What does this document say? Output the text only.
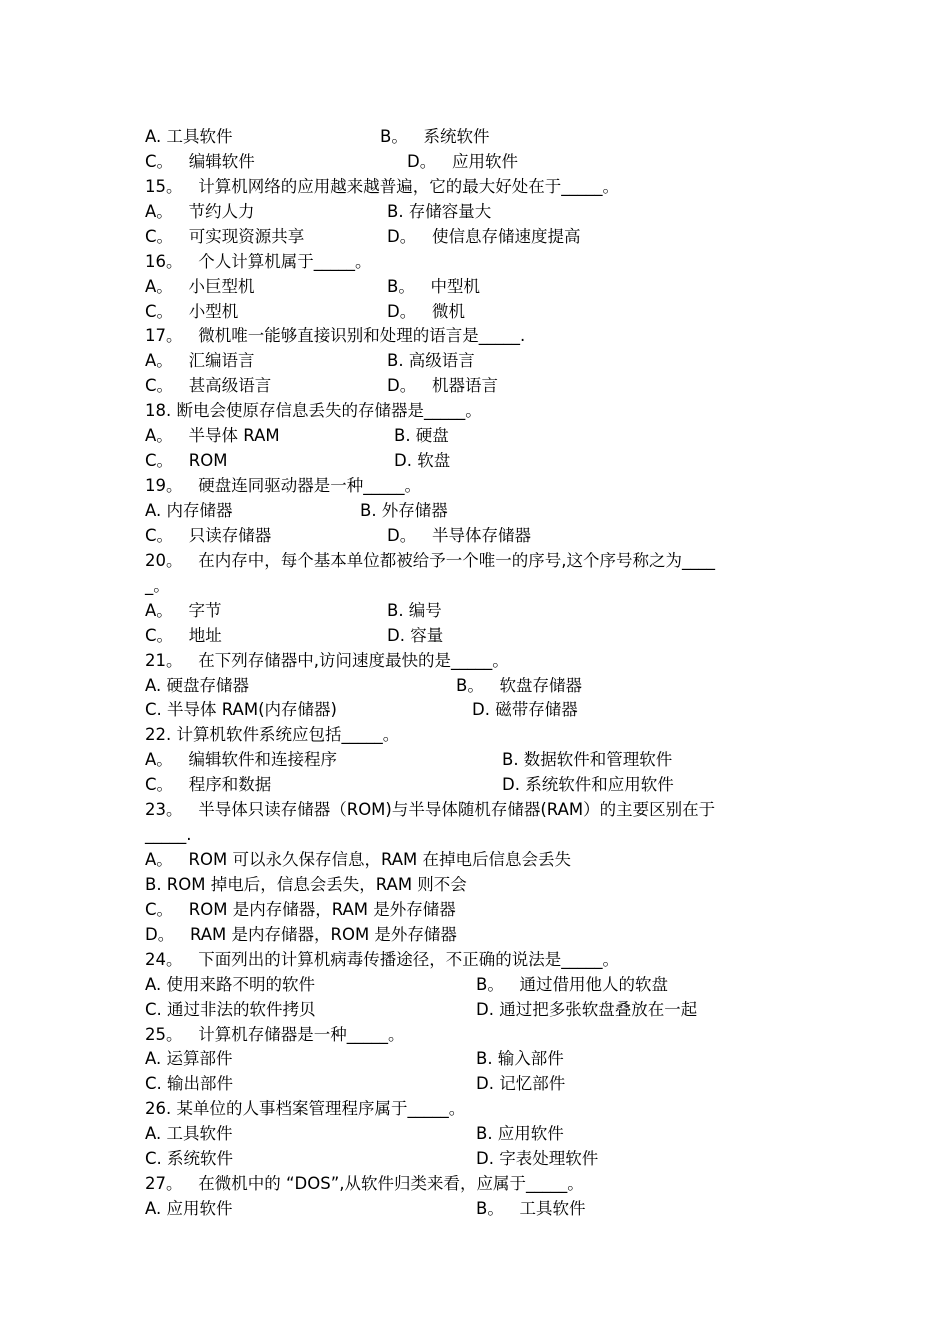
A. 工具软件	B。   系统软件
C。   编辑软件	D。   应用软件
15。   计算机网络的应用越来越普遍，它的最大好处在于_____。
A。   节约人力	B. 存储容量大
C。   可实现资源共享	D。   使信息存储速度提高
16。   个人计算机属于_____。
A。   小巨型机	B。   中型机
C。   小型机	D。   微机
17。   微机唯一能够直接识别和处理的语言是_____.
A。   汇编语言	B. 高级语言
C。   甚高级语言	D。   机器语言
18. 断电会使原存信息丢失的存储器是_____。
A。   半导体 RAM	B. 硬盘
C。   ROM	D. 软盘
19。   硬盘连同驱动器是一种_____。
A. 内存储器	B. 外存储器
C。   只读存储器	D。   半导体存储器
20。   在内存中，每个基本单位都被给予一个唯一的序号,这个序号称之为____
_。
A。   字节	B. 编号
C。   地址	D. 容量
21。   在下列存储器中,访问速度最快的是_____。
A. 硬盘存储器	B。   软盘存储器
C. 半导体 RAM(内存储器)	D. 磁带存储器
22. 计算机软件系统应包括_____。
A。   编辑软件和连接程序	B. 数据软件和管理软件
C。   程序和数据	D. 系统软件和应用软件
23。   半导体只读存储器（ROM)与半导体随机存储器(RAM）的主要区别在于
_____.
A。   ROM 可以永久保存信息，RAM 在掉电后信息会丢失
B. ROM 掉电后，信息会丢失，RAM 则不会
C。   ROM 是内存储器，RAM 是外存储器
D。   RAM 是内存储器，ROM 是外存储器
24。   下面列出的计算机病毒传播途径，不正确的说法是_____。
A. 使用来路不明的软件	B。   通过借用他人的软盘
C. 通过非法的软件拷贝	D. 通过把多张软盘叠放在一起
25。   计算机存储器是一种_____。
A. 运算部件	B. 输入部件
C. 输出部件	D. 记忆部件
26. 某单位的人事档案管理程序属于_____。
A. 工具软件	B. 应用软件
C. 系统软件	D. 字表处理软件
27。   在微机中的 “DOS”,从软件归类来看，应属于_____。
A. 应用软件	B。   工具软件
